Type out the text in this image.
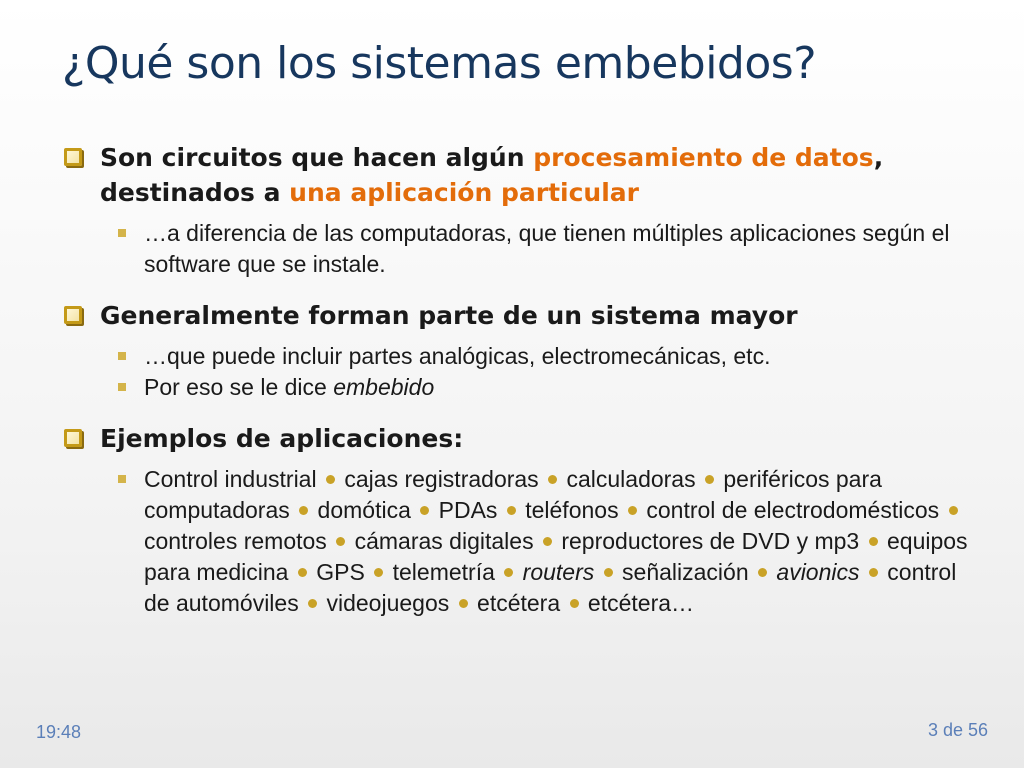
¿Qué son los sistemas embebidos?
Son circuitos que hacen algún procesamiento de datos, destinados a una aplicación particular
…a diferencia de las computadoras, que tienen múltiples aplicaciones según el software que se instale.
Generalmente forman parte de un sistema mayor
…que puede incluir partes analógicas, electromecánicas, etc.
Por eso se le dice embebido
Ejemplos de aplicaciones:
Control industrial cajas registradoras calculadoras periféricos para computadoras domótica PDAs teléfonos control de electrodomésticos  controles remotos cámaras digitales reproductores de DVD y mp3 equipos para medicina GPS telemetría routers señalización avionics control de automóviles videojuegos etcétera etcétera…
19:48	3 de 56
